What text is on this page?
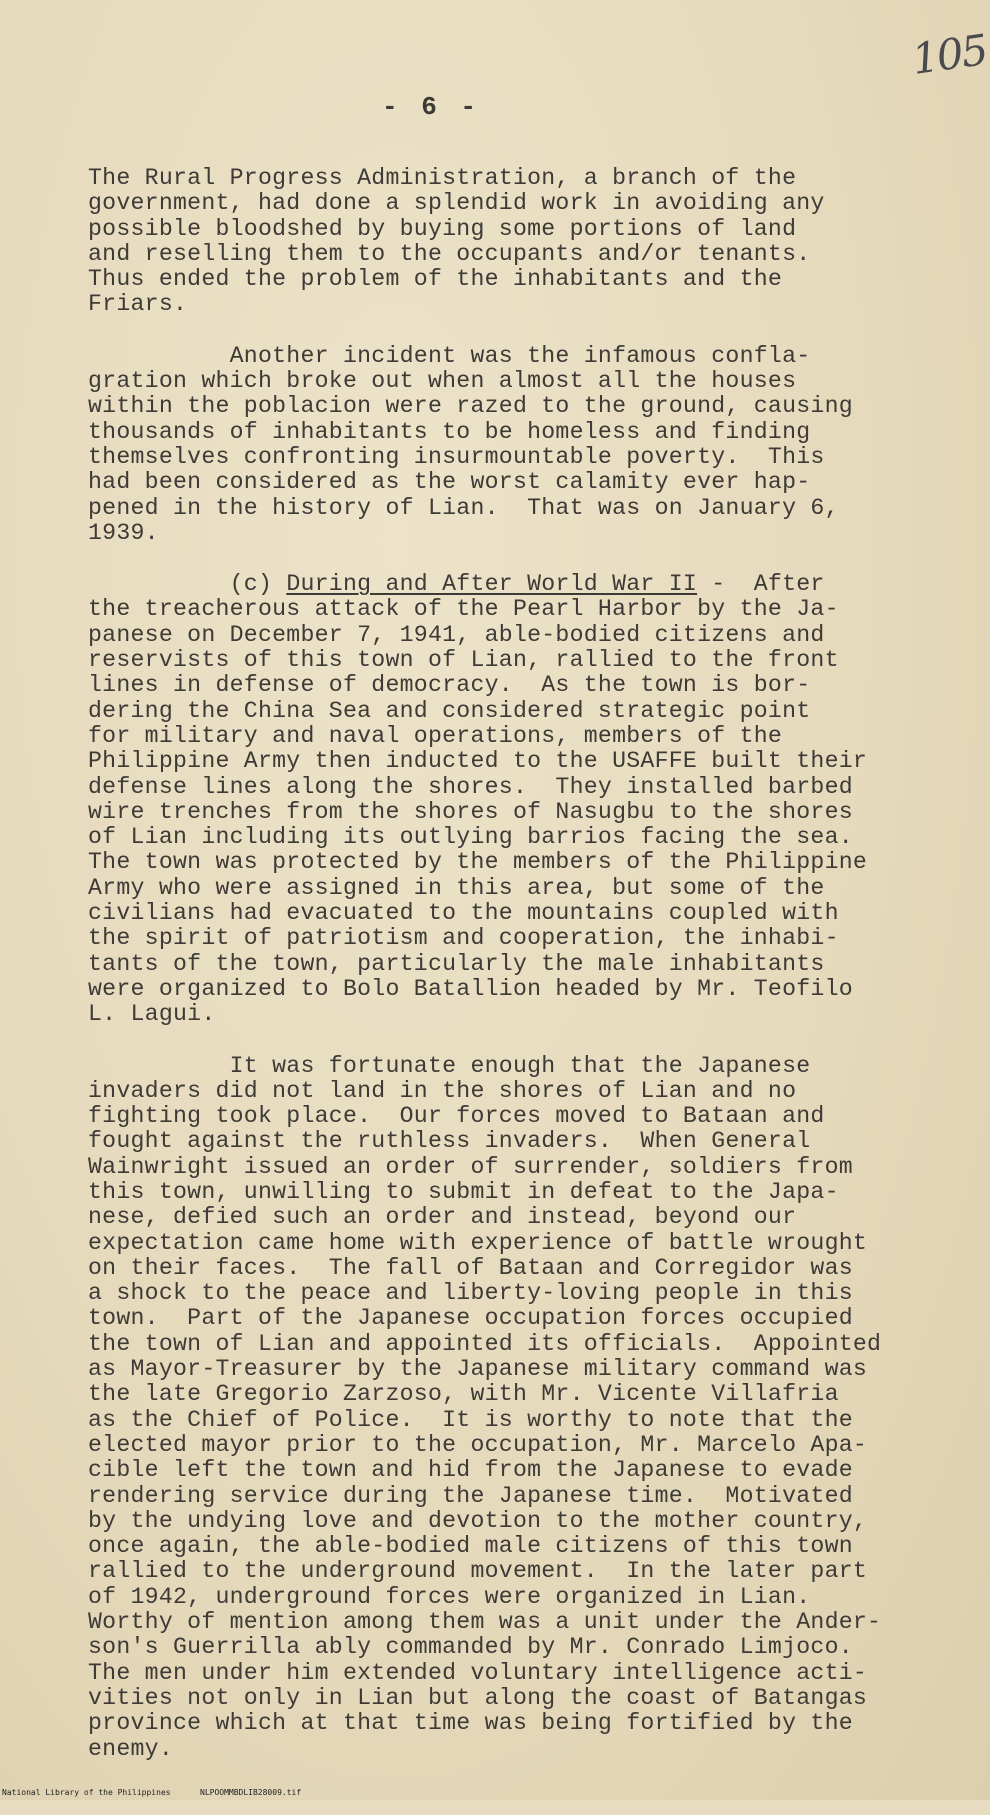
105
- 6 -
The Rural Progress Administration, a branch of the
government, had done a splendid work in avoiding any
possible bloodshed by buying some portions of land
and reselling them to the occupants and/or tenants.
Thus ended the problem of the inhabitants and the
Friars.
Another incident was the infamous confla-
gration which broke out when almost all the houses
within the poblacion were razed to the ground, causing
thousands of inhabitants to be homeless and finding
themselves confronting insurmountable poverty.  This
had been considered as the worst calamity ever hap-
pened in the history of Lian.  That was on January 6,
1939.
(c) During and After World War II -  After
the treacherous attack of the Pearl Harbor by the Ja-
panese on December 7, 1941, able-bodied citizens and
reservists of this town of Lian, rallied to the front
lines in defense of democracy.  As the town is bor-
dering the China Sea and considered strategic point
for military and naval operations, members of the
Philippine Army then inducted to the USAFFE built their
defense lines along the shores.  They installed barbed
wire trenches from the shores of Nasugbu to the shores
of Lian including its outlying barrios facing the sea.
The town was protected by the members of the Philippine
Army who were assigned in this area, but some of the
civilians had evacuated to the mountains coupled with
the spirit of patriotism and cooperation, the inhabi-
tants of the town, particularly the male inhabitants
were organized to Bolo Batallion headed by Mr. Teofilo
L. Lagui.
It was fortunate enough that the Japanese
invaders did not land in the shores of Lian and no
fighting took place.  Our forces moved to Bataan and
fought against the ruthless invaders.  When General
Wainwright issued an order of surrender, soldiers from
this town, unwilling to submit in defeat to the Japa-
nese, defied such an order and instead, beyond our
expectation came home with experience of battle wrought
on their faces.  The fall of Bataan and Corregidor was
a shock to the peace and liberty-loving people in this
town.  Part of the Japanese occupation forces occupied
the town of Lian and appointed its officials.  Appointed
as Mayor-Treasurer by the Japanese military command was
the late Gregorio Zarzoso, with Mr. Vicente Villafria
as the Chief of Police.  It is worthy to note that the
elected mayor prior to the occupation, Mr. Marcelo Apa-
cible left the town and hid from the Japanese to evade
rendering service during the Japanese time.  Motivated
by the undying love and devotion to the mother country,
once again, the able-bodied male citizens of this town
rallied to the underground movement.  In the later part
of 1942, underground forces were organized in Lian.
Worthy of mention among them was a unit under the Ander-
son's Guerrilla ably commanded by Mr. Conrado Limjoco.
The men under him extended voluntary intelligence acti-
vities not only in Lian but along the coast of Batangas
province which at that time was being fortified by the
enemy.

National Library of the Philippines

	NLPOOMMBDLIB28009.tif
